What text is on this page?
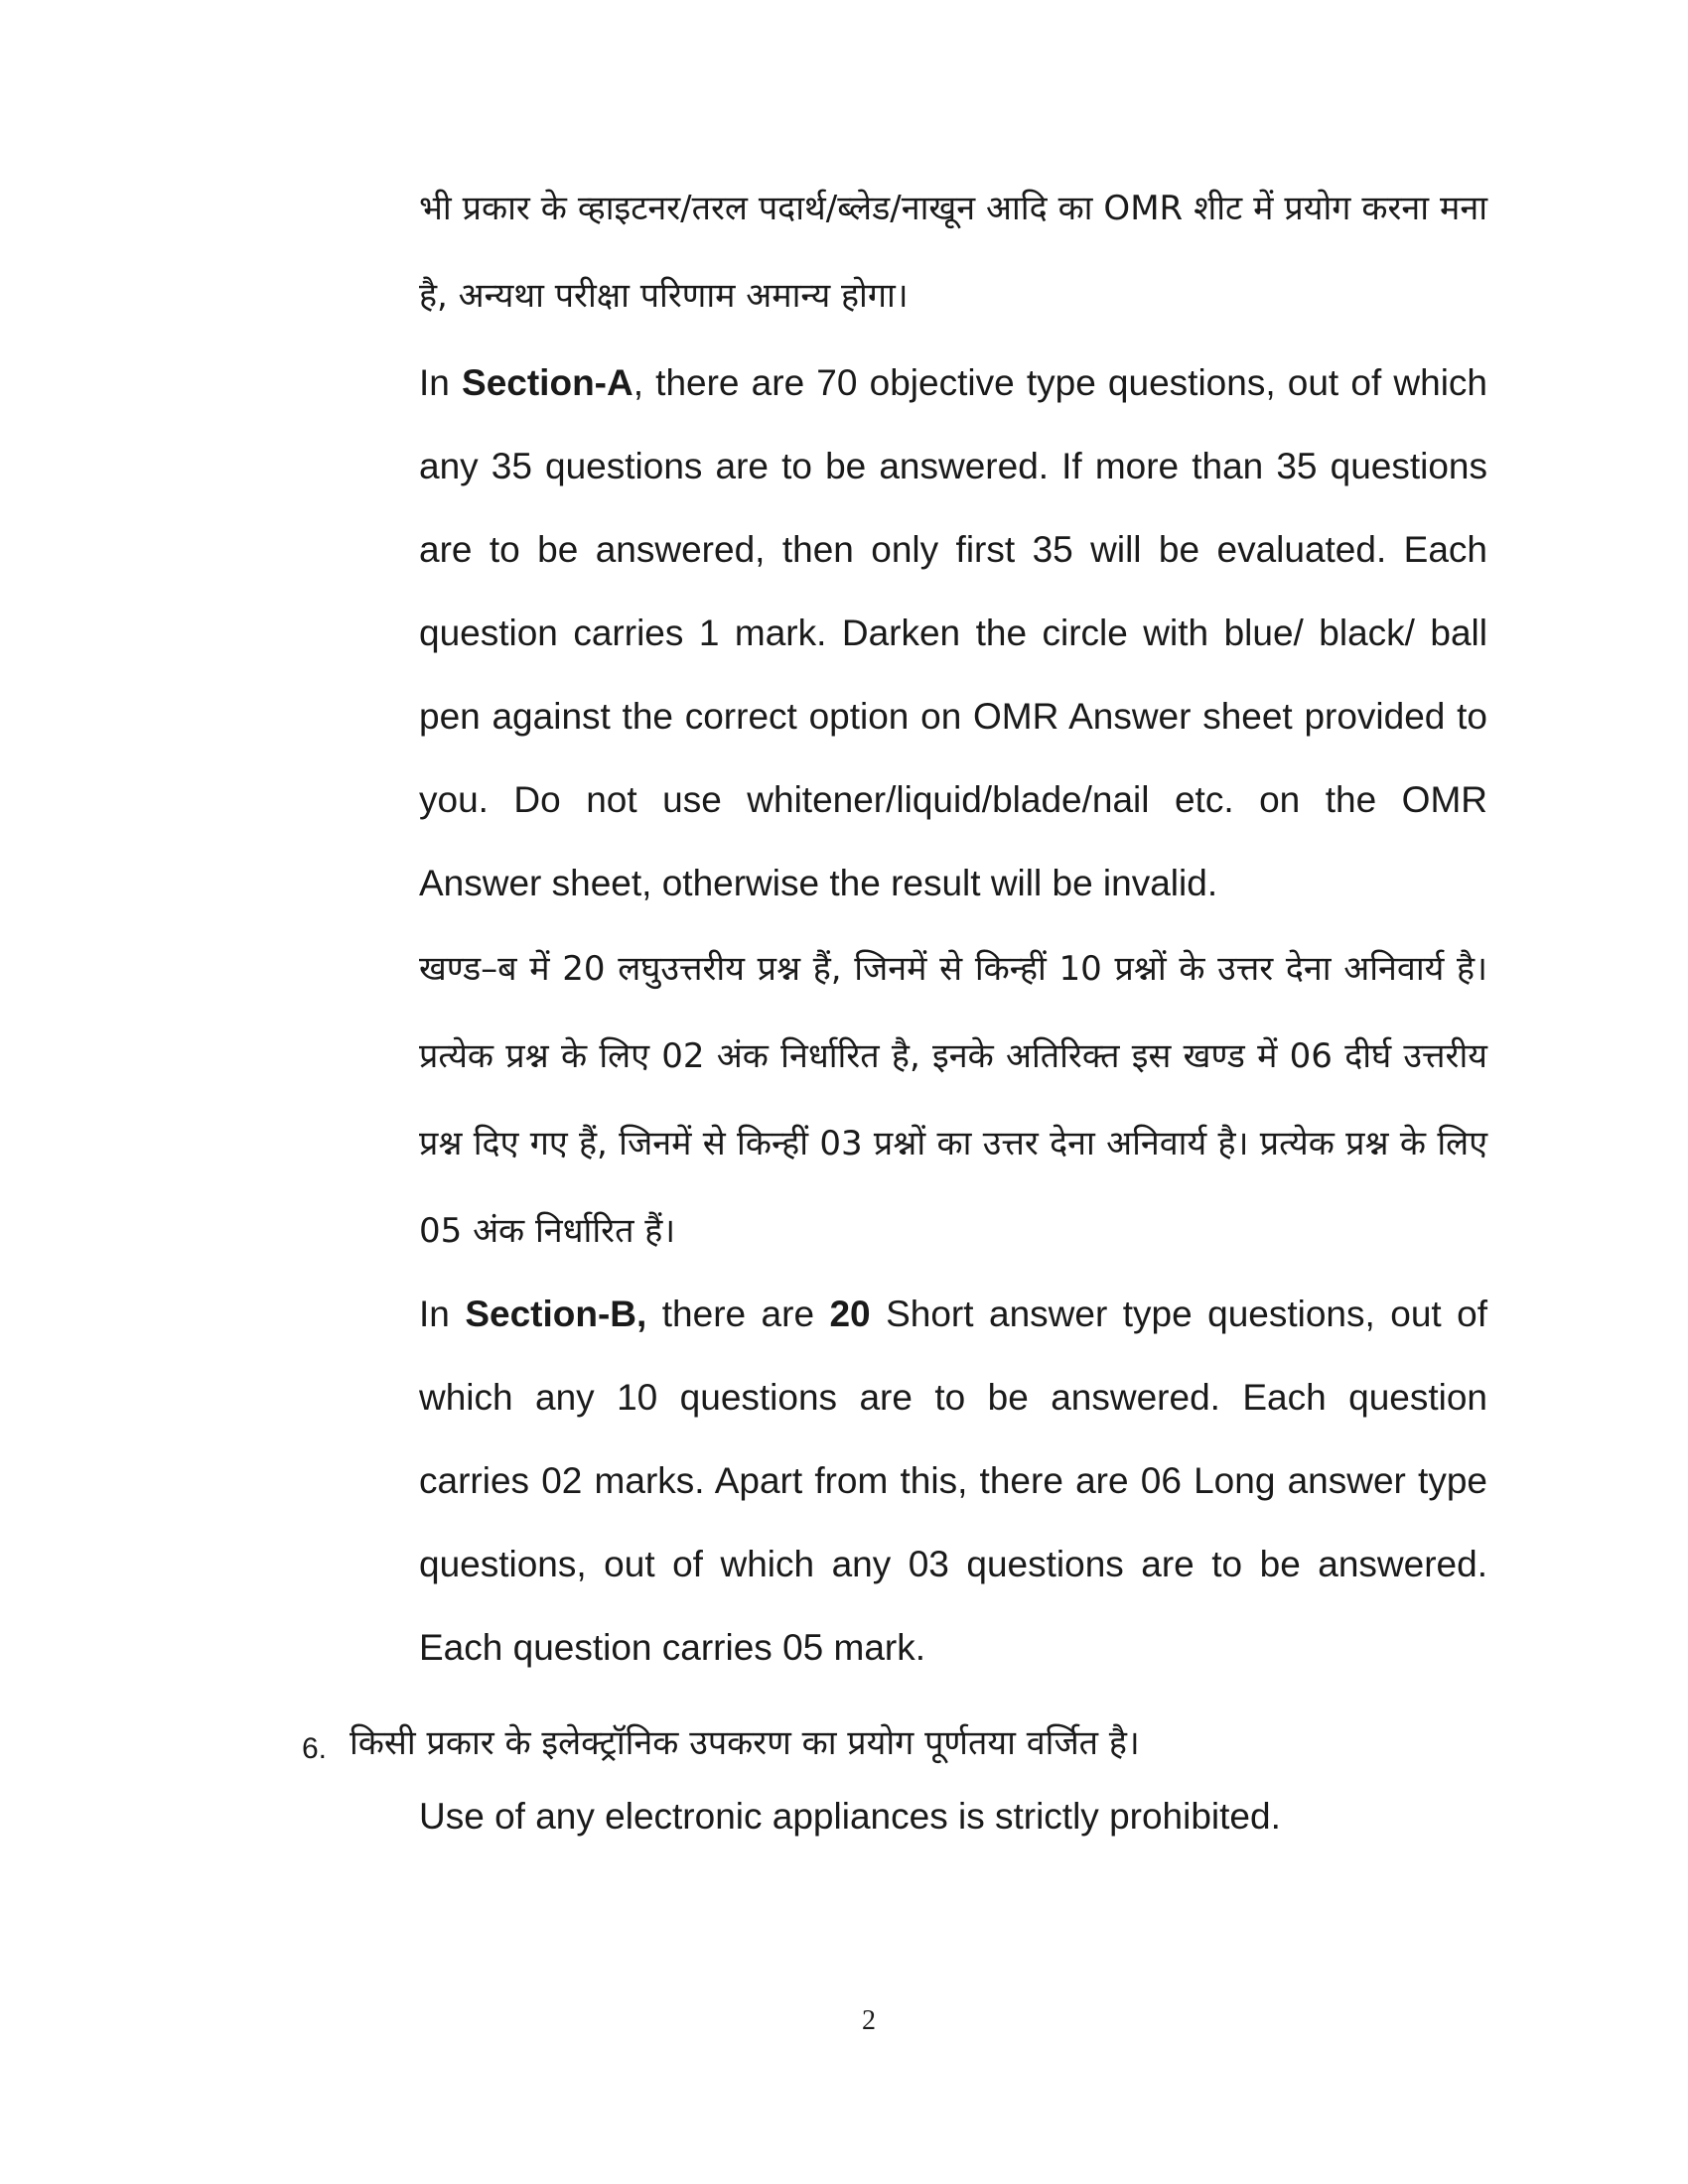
भी प्रकार के व्हाइटनर/तरल पदार्थ/ब्लेड/नाखून आदि का OMR शीट में प्रयोग करना मना है, अन्यथा परीक्षा परिणाम अमान्य होगा।

In Section-A, there are 70 objective type questions, out of which any 35 questions are to be answered. If more than 35 questions are to be answered, then only first 35 will be evaluated. Each question carries 1 mark. Darken the circle with blue/ black/ ball pen against the correct option on OMR Answer sheet provided to you. Do not use whitener/liquid/blade/nail etc. on the OMR Answer sheet, otherwise the result will be invalid.

खण्ड–ब में 20 लघुउत्तरीय प्रश्न हैं, जिनमें से किन्हीं 10 प्रश्नों के उत्तर देना अनिवार्य है। प्रत्येक प्रश्न के लिए 02 अंक निर्धारित है, इनके अतिरिक्त इस खण्ड में 06 दीर्घ उत्तरीय प्रश्न दिए गए हैं, जिनमें से किन्हीं 03 प्रश्नों का उत्तर देना अनिवार्य है। प्रत्येक प्रश्न के लिए 05 अंक निर्धारित हैं।

In Section-B, there are 20 Short answer type questions, out of which any 10 questions are to be answered. Each question carries 02 marks. Apart from this, there are 06 Long answer type questions, out of which any 03 questions are to be answered. Each question carries 05 mark.

6. किसी प्रकार के इलेक्ट्रॉनिक उपकरण का प्रयोग पूर्णतया वर्जित है।

Use of any electronic appliances is strictly prohibited.

2
